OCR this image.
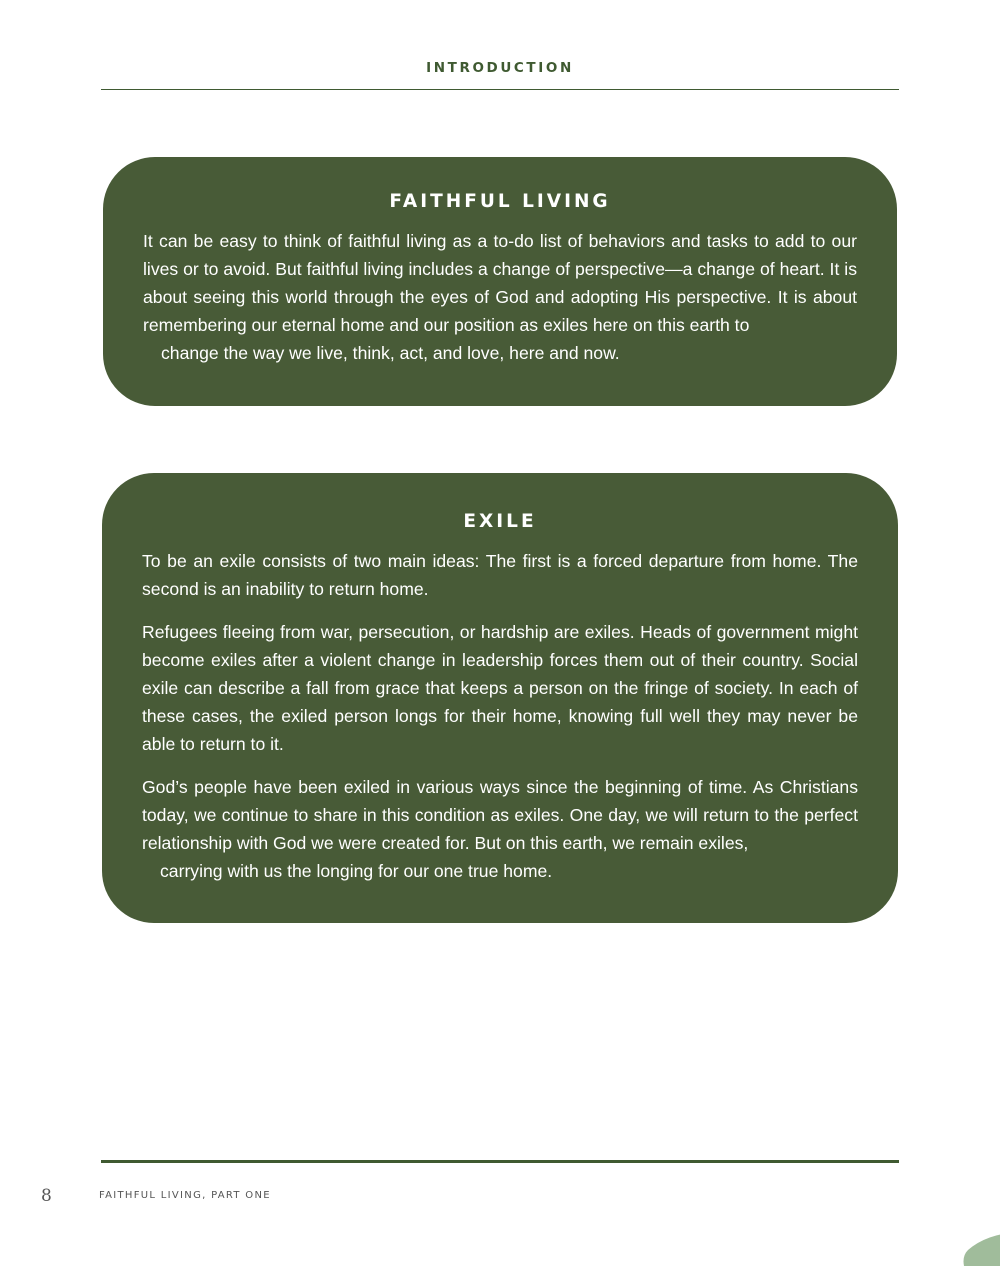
INTRODUCTION
FAITHFUL LIVING

It can be easy to think of faithful living as a to-do list of behaviors and tasks to add to our lives or to avoid. But faithful living includes a change of perspective—a change of heart. It is about seeing this world through the eyes of God and adopting His perspective. It is about remembering our eternal home and our position as exiles here on this earth to
change the way we live, think, act, and love, here and now.

EXILE

To be an exile consists of two main ideas: The first is a forced departure from home. The second is an inability to return home.

Refugees fleeing from war, persecution, or hardship are exiles. Heads of government might become exiles after a violent change in leadership forces them out of their country. Social exile can describe a fall from grace that keeps a person on the fringe of society. In each of these cases, the exiled person longs for their home, knowing full well they may never be able to return to it.

God’s people have been exiled in various ways since the beginning of time. As Christians today, we continue to share in this condition as exiles. One day, we will return to the perfect relationship with God we were created for. But on this earth, we remain exiles,
carrying with us the longing for our one true home.

8	FAITHFUL LIVING, PART ONE
